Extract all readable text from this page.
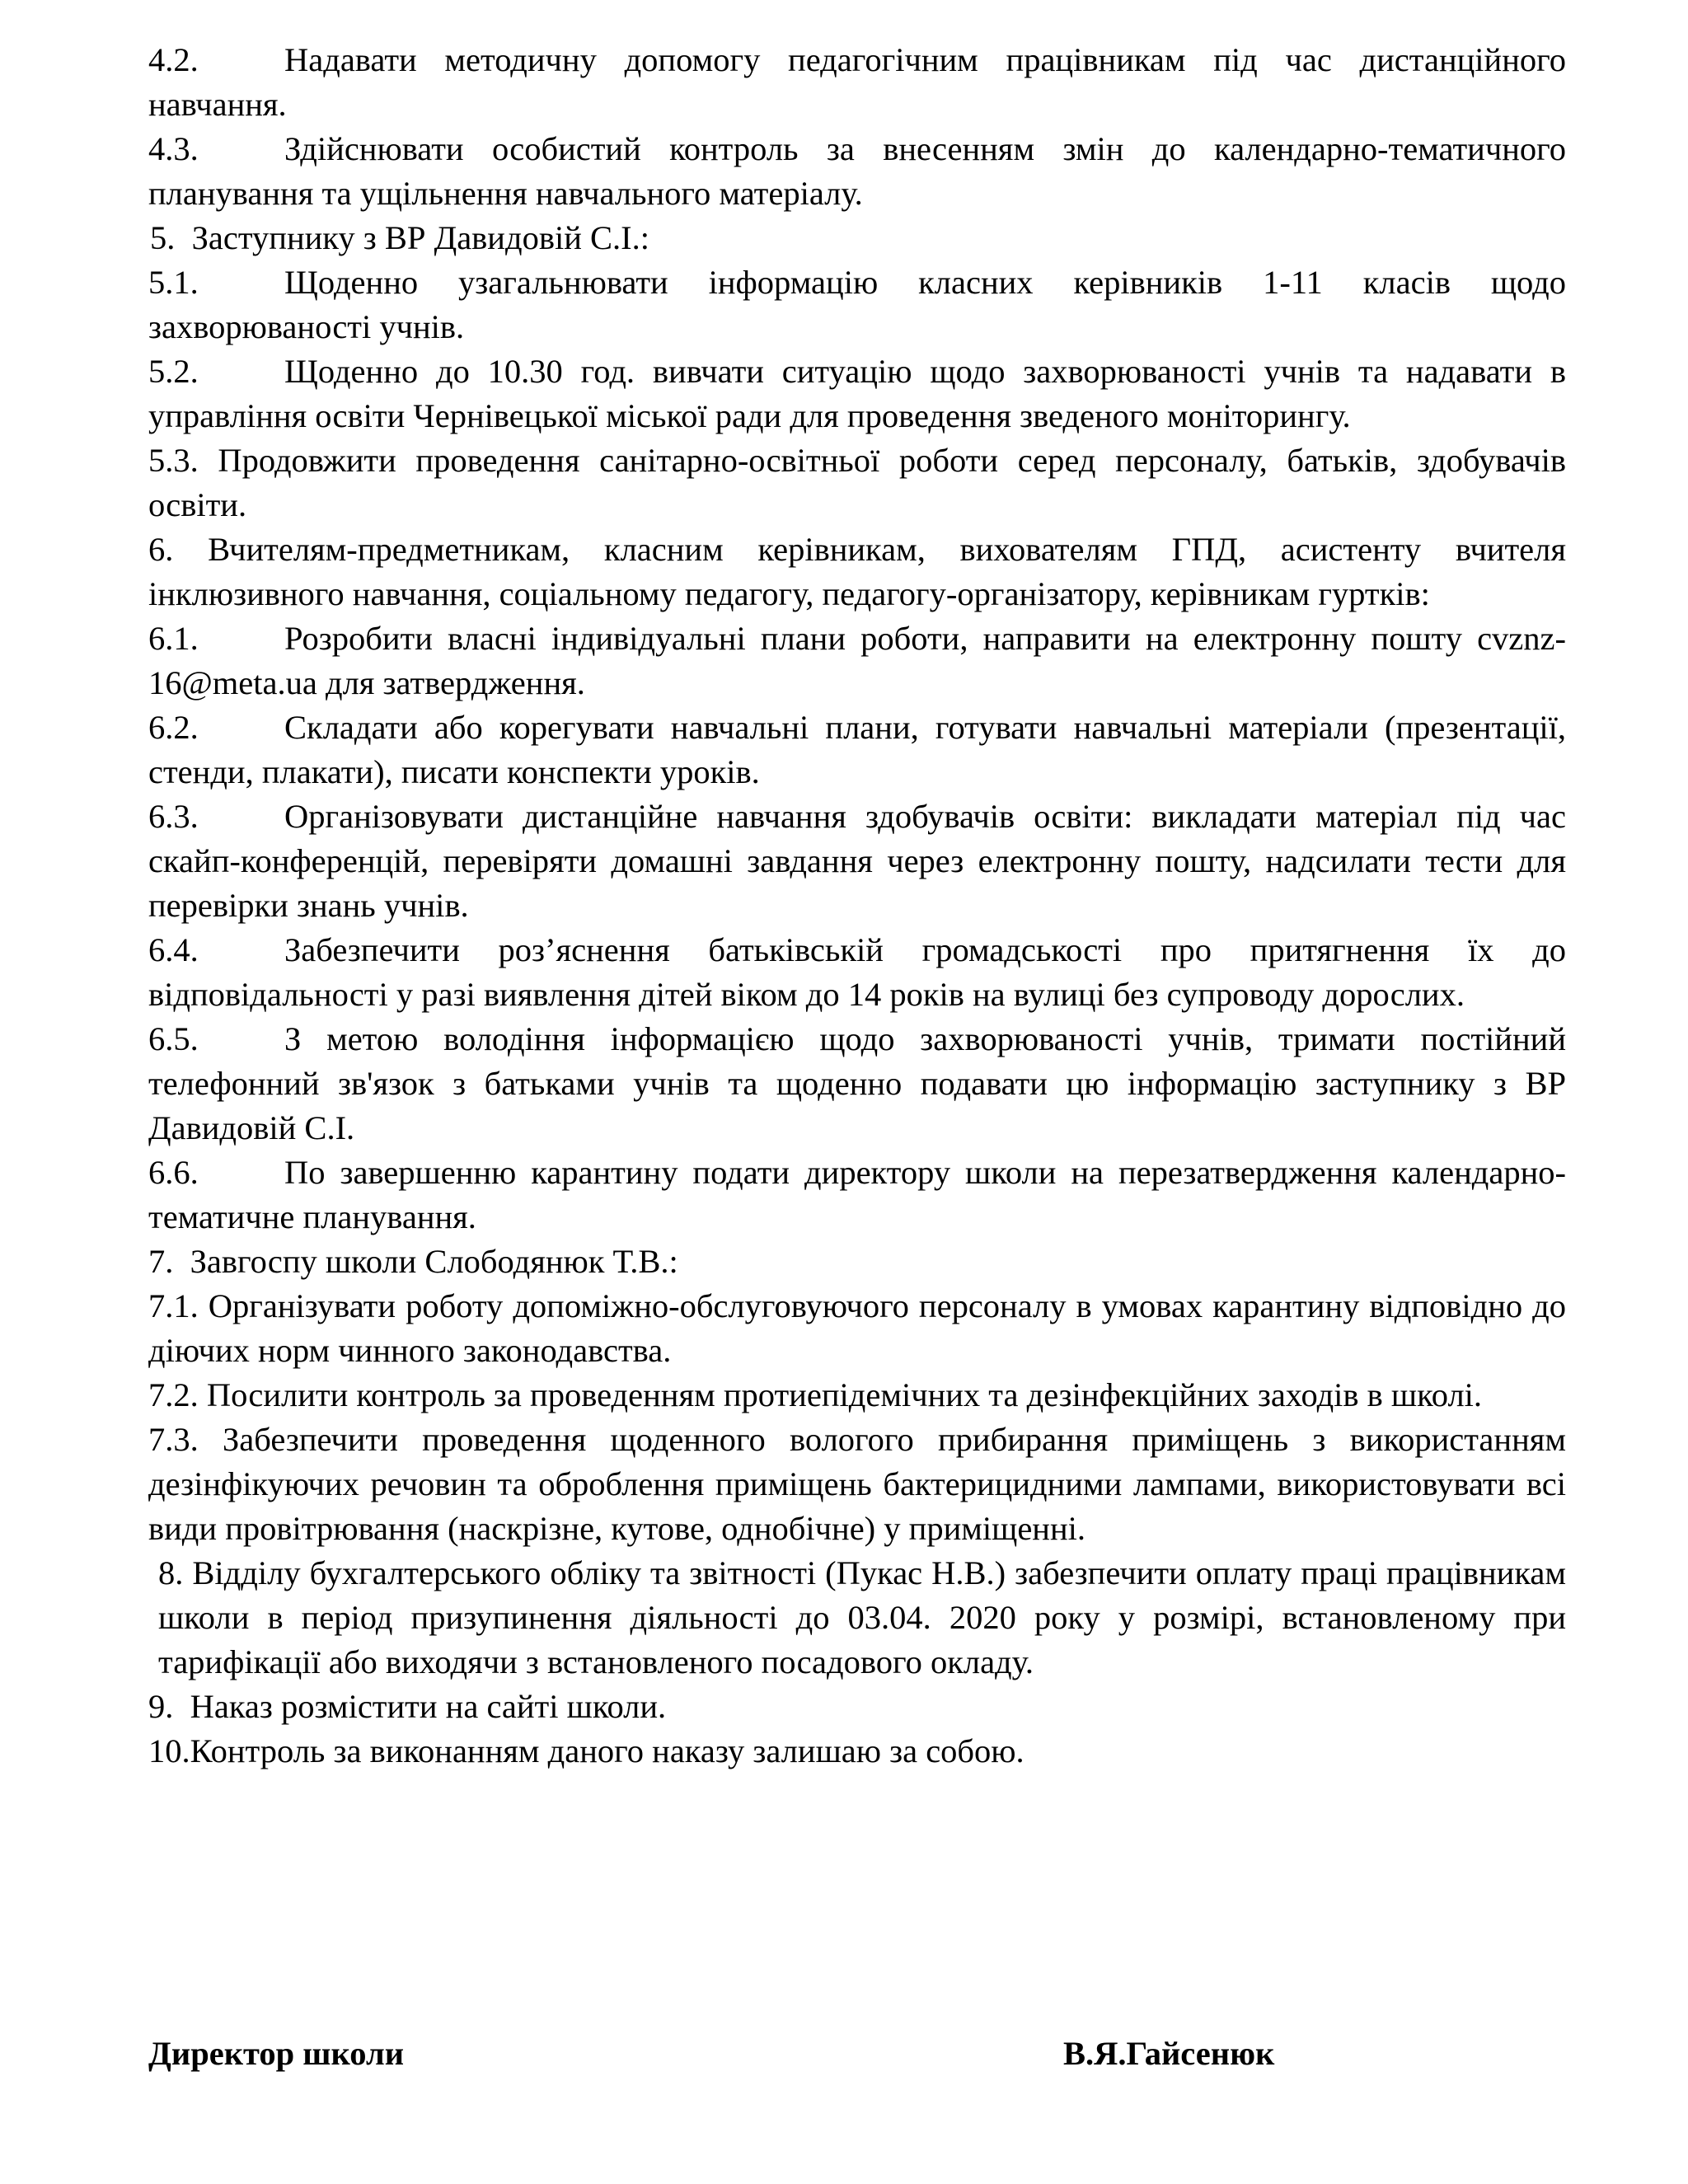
4.2.	Надавати методичну допомогу педагогічним працівникам під час дистанційного навчання.

4.3.	Здійснювати особистий контроль за внесенням змін до календарно-тематичного планування та ущільнення навчального матеріалу.

5. Заступнику з ВР Давидовій С.І.:

5.1.	Щоденно узагальнювати інформацію класних керівників 1-11 класів щодо захворюваності учнів.

5.2.	Щоденно до 10.30 год. вивчати ситуацію щодо захворюваності учнів та надавати в управління освіти Чернівецької міської ради для проведення зведеного моніторингу.

5.3. Продовжити проведення санітарно-освітньої роботи серед персоналу, батьків, здобувачів освіти.

6. Вчителям-предметникам, класним керівникам, вихователям ГПД, асистенту вчителя інклюзивного навчання, соціальному педагогу, педагогу-організатору, керівникам гуртків:

6.1.	Розробити власні індивідуальні плани роботи, направити на електронну пошту cvznz-16@meta.ua для затвердження.

6.2.	Складати або корегувати навчальні плани, готувати навчальні матеріали (презентації, стенди, плакати), писати конспекти уроків.

6.3.	Організовувати дистанційне навчання здобувачів освіти: викладати матеріал під час скайп-конференцій, перевіряти домашні завдання через електронну пошту, надсилати тести для перевірки знань учнів.

6.4.	Забезпечити роз’яснення батьківській громадськості про притягнення їх до відповідальності у разі виявлення дітей віком до 14 років на вулиці без супроводу дорослих.

6.5.	З метою володіння інформацією щодо захворюваності учнів, тримати постійний телефонний зв'язок з батьками учнів та щоденно подавати цю інформацію заступнику з ВР Давидовій С.І.

6.6.	По завершенню карантину подати директору школи на перезатвердження календарно-тематичне планування.

7. Завгоспу школи Слободянюк Т.В.:

7.1. Організувати роботу допоміжно-обслуговуючого персоналу в умовах карантину відповідно до діючих норм чинного законодавства.

7.2. Посилити контроль за проведенням протиепідемічних та дезінфекційних заходів в школі.

7.3. Забезпечити проведення щоденного вологого прибирання приміщень з використанням дезінфікуючих речовин та оброблення приміщень бактерицидними лампами, використовувати всі види провітрювання (наскрізне, кутове, однобічне) у приміщенні.

8. Відділу бухгалтерського обліку та звітності (Пукас Н.В.) забезпечити оплату праці працівникам школи в період призупинення діяльності до 03.04. 2020 року у розмірі, встановленому при тарифікації або виходячи з встановленого посадового окладу.

9. Наказ розмістити на сайті школи.

10.Контроль за виконанням даного наказу залишаю за собою.

Директор школи	В.Я.Гайсенюк
